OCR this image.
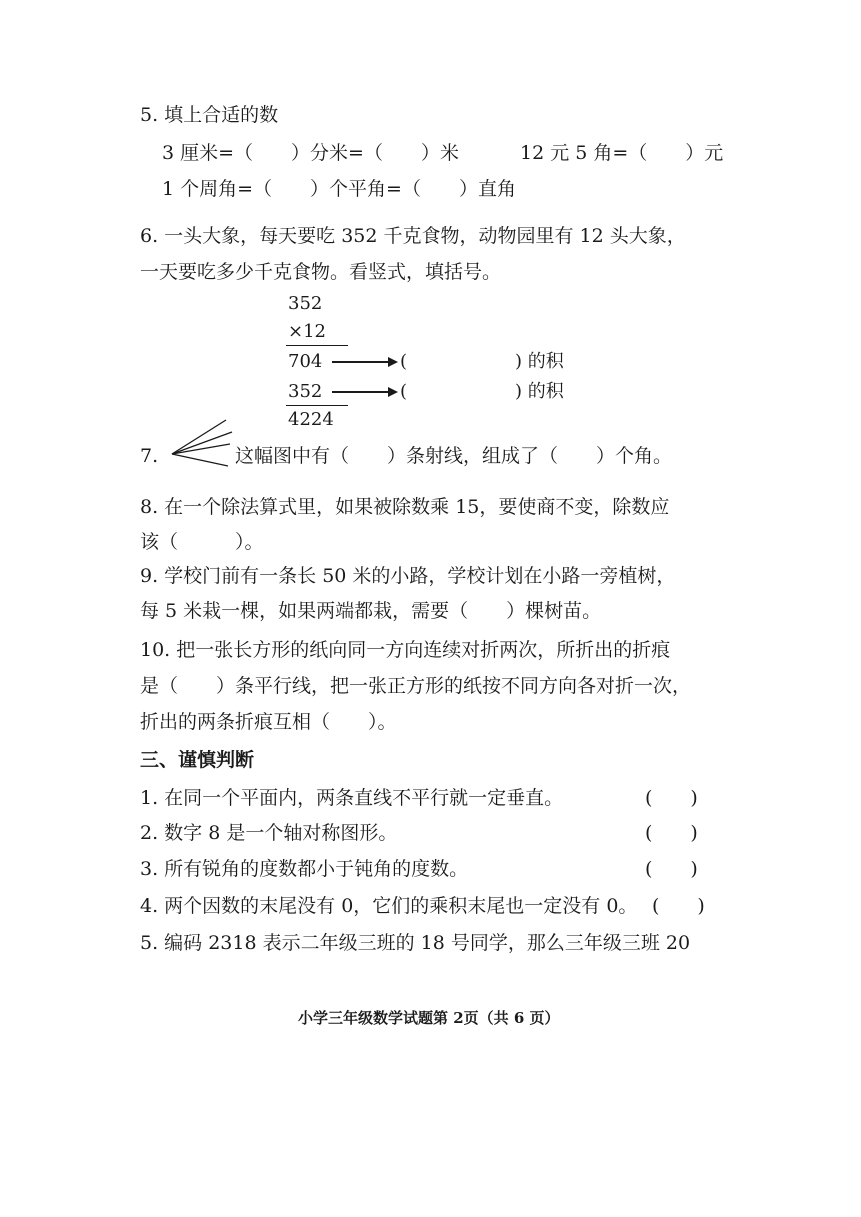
5. 填上合适的数
3 厘米=（　　）分米=（　　）米	12 元 5 角=（　　）元
1 个周角=（　　）个平角=（　　）直角
6. 一头大象，每天要吃 352 千克食物，动物园里有 12 头大象，
一天要吃多少千克食物。看竖式，填括号。
352
×12
704	(　　　　　　) 的积
352	(　　　　　　) 的积
4224
7.	这幅图中有（　　）条射线，组成了（　　）个角。
8. 在一个除法算式里，如果被除数乘 15，要使商不变，除数应
该（　　　）。
9. 学校门前有一条长 50 米的小路，学校计划在小路一旁植树，
每 5 米栽一棵，如果两端都栽，需要（　　）棵树苗。
10. 把一张长方形的纸向同一方向连续对折两次，所折出的折痕
是（　　）条平行线，把一张正方形的纸按不同方向各对折一次，
折出的两条折痕互相（　　）。
三、谨慎判断
1. 在同一个平面内，两条直线不平行就一定垂直。	(　　)
2. 数字 8 是一个轴对称图形。	(　　)
3. 所有锐角的度数都小于钝角的度数。	(　　)
4. 两个因数的末尾没有 0，它们的乘积末尾也一定没有 0。 (　　)
5. 编码 2318 表示二年级三班的 18 号同学，那么三年级三班 20
小学三年级数学试题第 2页（共 6 页）
